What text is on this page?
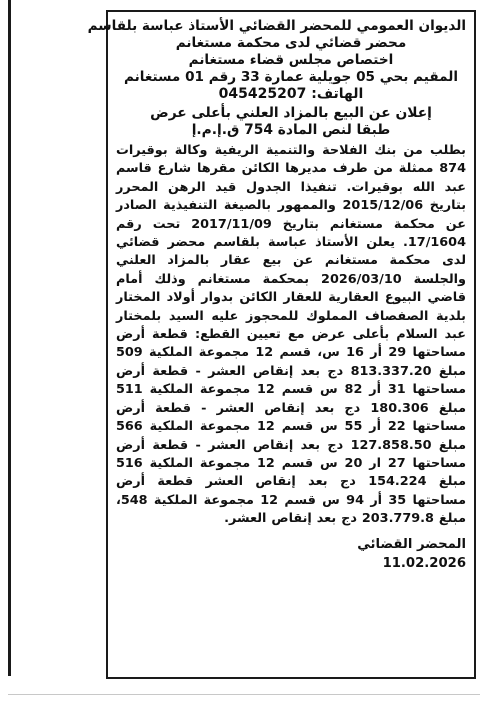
الديوان العمومي للمحضر القضائي الأستاذ عباسة بلقاسم
محضر قضائي لدى محكمة مستغانم
اختصاص مجلس قضاء مستغانم
المقيم بحي 05 جويلية عمارة 33 رقم 01 مستغانم
الهاتف: 045425207
إعلان عن البيع بالمزاد العلني بأعلى عرض
طبقا لنص المادة 754 ق.إ.م.إ

بطلب من بنك الفلاحة والتنمية الريفية وكالة بوقيرات 874 ممثلة من طرف مديرها الكائن مقرها شارع قاسم عبد الله بوقيرات. تنفيذا الجدول قيد الرهن المحرر بتاريخ 2015/12/06 والممهور بالصيغة التنفيذية الصادر عن محكمة مستغانم بتاريخ 2017/11/09 تحت رقم 17/1604. يعلن الأستاذ عباسة بلقاسم محضر قضائي لدى محكمة مستغانم عن بيع عقار بالمزاد العلني والجلسة 2026/03/10 بمحكمة مستغانم وذلك أمام قاضي البيوع العقارية للعقار الكائن بدوار أولاد المختار بلدية الصفصاف المملوك للمحجوز عليه السيد بلمختار عبد السلام بأعلى عرض مع تعيين القطع: قطعة أرض مساحتها 29 أر 16 س، قسم 12 مجموعة الملكية 509 مبلغ 813.337.20 دج بعد إنقاص العشر - قطعة أرض مساحتها 31 أر 82 س قسم 12 مجموعة الملكية 511 مبلغ 180.306 دج بعد إنقاص العشر - قطعة أرض مساحتها 22 أر 55 س قسم 12 مجموعة الملكية 566 مبلغ 127.858.50 دج بعد إنقاص العشر - قطعة أرض مساحتها 27 ار 20 س قسم 12 مجموعة الملكية 516 مبلغ 154.224 دج بعد إنقاص العشر قطعة أرض مساحتها 35 أر 94 س قسم 12 مجموعة الملكية 548، مبلغ 203.779.8 دج بعد إنقاص العشر.

المحضر القضائي
11.02.2026
